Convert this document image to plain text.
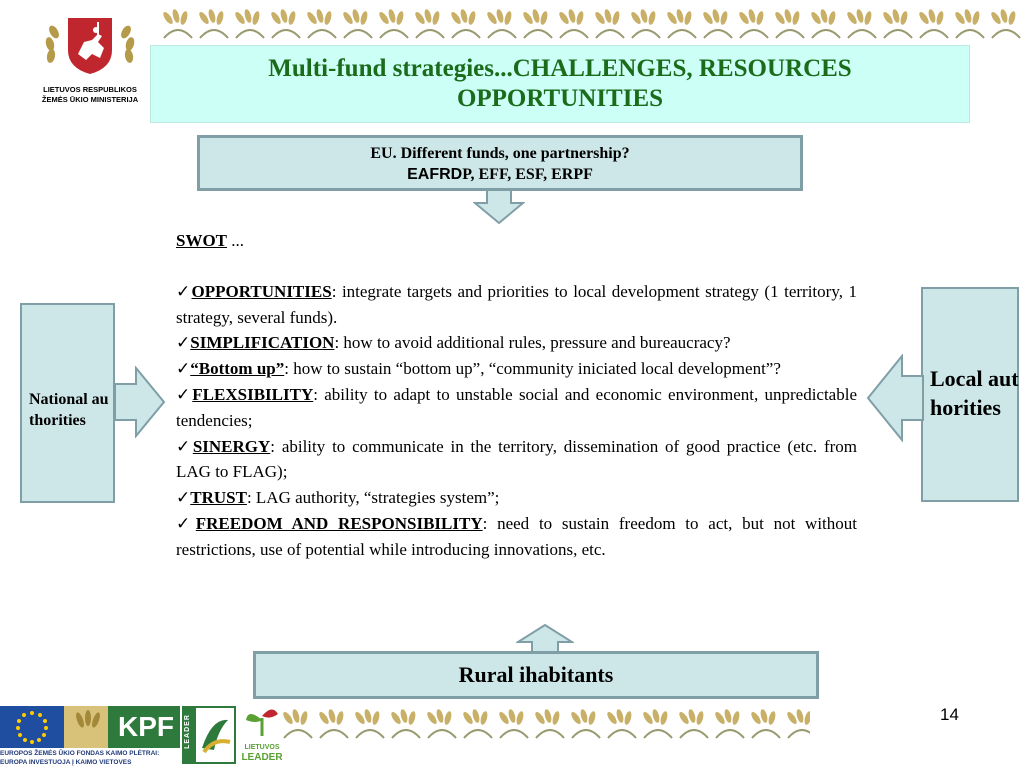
LIETUVOS RESPUBLIKOS
ŽEMĖS ŪKIO MINISTERIJA
Multi-fund strategies...CHALLENGES, RESOURCES
OPPORTUNITIES
EU. Different funds, one partnership?
EAFRDP, EFF, ESF, ERPF
National authorities
Local authorities
SWOT ...
✓OPPORTUNITIES: integrate targets and priorities to local development strategy (1 territory, 1 strategy, several funds).
✓SIMPLIFICATION: how to avoid additional rules, pressure and bureaucracy?
✓“Bottom up”: how to sustain “bottom up”, “community iniciated local development”?
✓FLEXSIBILITY: ability to adapt to unstable social and economic environment, unpredictable tendencies;
✓SINERGY: ability to communicate in the territory, dissemination of good practice (etc. from LAG to FLAG);
✓TRUST: LAG authority, “strategies system”;
✓FREEDOM AND RESPONSIBILITY: need to sustain freedom to act, but not without restrictions, use of potential while introducing innovations, etc.
Rural ihabitants
14
KPF
EUROPOS ŽEMĖS ŪKIO FONDAS KAIMO PLĖTRAI:
EUROPA INVESTUOJA Į KAIMO VIETOVES
LEADER	LIETUVOS
LEADER
